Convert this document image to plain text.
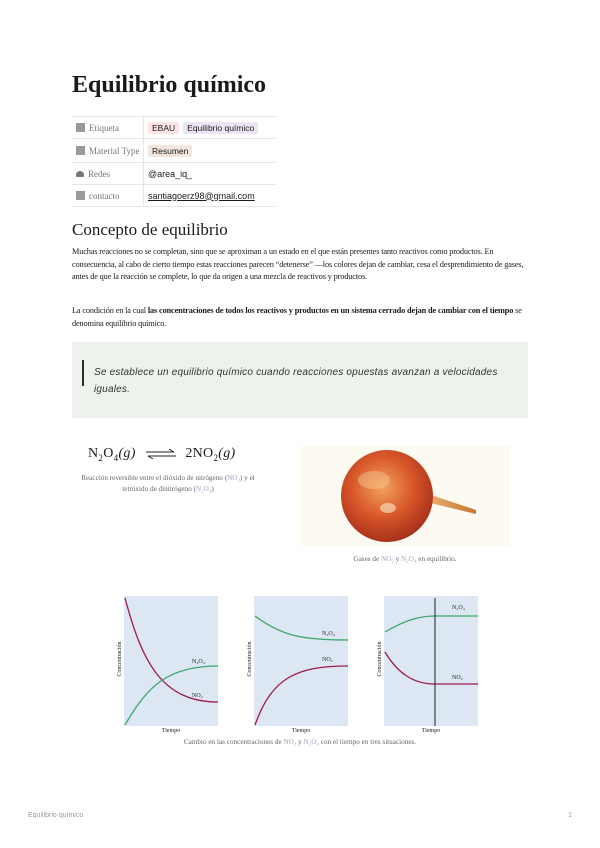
Equilibrio químico
Etiqueta	EBAU	Equilibrio químico
Material Type	Resumen
Redes	@area_iq_
contacto	santiagoerz98@gmail.com
Concepto de equilibrio

Muchas reacciones no se completan, sino que se aproximan a un estado en el que están presentes tanto reactivos como productos. En consecuencia, al cabo de cierto tiempo estas reacciones parecen “detenerse” —los colores dejan de cambiar, cesa el desprendimiento de gases, antes de que la reacción se complete, lo que da origen a una mezcla de reactivos y productos.

La condición en la cual las concentraciones de todos los reactivos y productos en un sistema cerrado dejan de cambiar con el tiempo se denomina equilibrio químico.

Se establece un equilibrio químico cuando reacciones opuestas avanzan a velocidades iguales.
$N_2O_4(g)$ ⇌ $2NO_2(g)$
Reacción reversible entre el dióxido de nitrógeno (NO₂) y el tetróxido de dinitrógeno (N₂O₄)
Gases de NO₂ y N₂O₄ en equilibrio.
N₂O₄
NO₂
N₂O₄
NO₂
N₂O₄
NO₂
Concentración	Concentración	Concentración
Tiempo	Tiempo	Tiempo
Cambio en las concentraciones de NO₂ y N₂O₄ con el tiempo en tres situaciones.
Equilibrio químico	1
